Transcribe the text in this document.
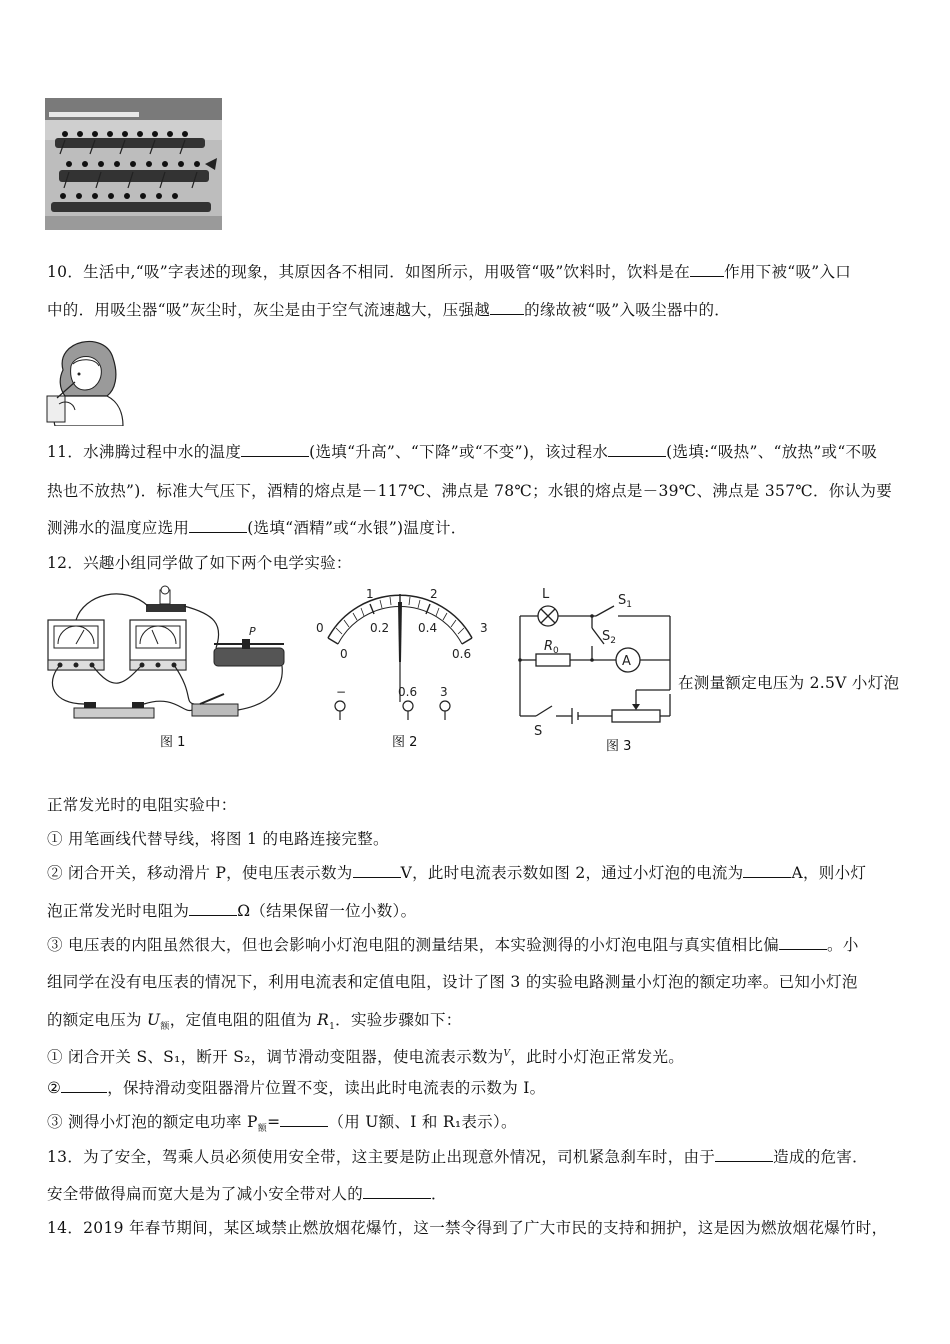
10．生活中,“吸”字表述的现象，其原因各不相同．如图所示，用吸管“吸”饮料时，饮料是在 作用下被“吸”入口
中的．用吸尘器“吸”灰尘时，灰尘是由于空气流速越大，压强越 的缘故被“吸”入吸尘器中的．
11．水沸腾过程中水的温度	(选填“升高”、“下降”或“不变”)，该过程水	(选填:“吸热”、“放热”或“不吸
热也不放热”)．标准大气压下，酒精的熔点是－117℃、沸点是 78℃；水银的熔点是－39℃、沸点是 357℃．你认为要
测沸水的温度应选用	(选填“酒精”或“水银”)温度计．
12．兴趣小组同学做了如下两个电学实验：
P
图 1
0
1	2
3
0
0.2 0.4
0.6
−	0.6 3
图 2
L	$S_1$
$S_2$
$R_0$
A
S
图 3
在测量额定电压为 2.5V 小灯泡
正常发光时的电阻实验中：
① 用笔画线代替导线，将图 1 的电路连接完整。
② 闭合开关，移动滑片 P，使电压表示数为	V，此时电流表示数如图 2，通过小灯泡的电流为	A，则小灯
泡正常发光时电阻为	Ω（结果保留一位小数）。
③ 电压表的内阻虽然很大，但也会影响小灯泡电阻的测量结果，本实验测得的小灯泡电阻与真实值相比偏	。小
组同学在没有电压表的情况下，利用电流表和定值电阻，设计了图 3 的实验电路测量小灯泡的额定功率。已知小灯泡
的额定电压为 $U_额$，定值电阻的阻值为 $R_1$．实验步骤如下：
① 闭合开关 S、S₁，断开 S₂，调节滑动变阻器，使电流表示数为$^V$，此时小灯泡正常发光。
②	，保持滑动变阻器滑片位置不变，读出此时电流表的示数为 I。
③ 测得小灯泡的额定电功率 $P_额=$	（用 U额、I 和 R₁表示）。
13．为了安全，驾乘人员必须使用安全带，这主要是防止出现意外情况，司机紧急刹车时，由于	造成的危害．
安全带做得扁而宽大是为了减小安全带对人的	．
14．2019 年春节期间，某区域禁止燃放烟花爆竹，这一禁令得到了广大市民的支持和拥护，这是因为燃放烟花爆竹时，
